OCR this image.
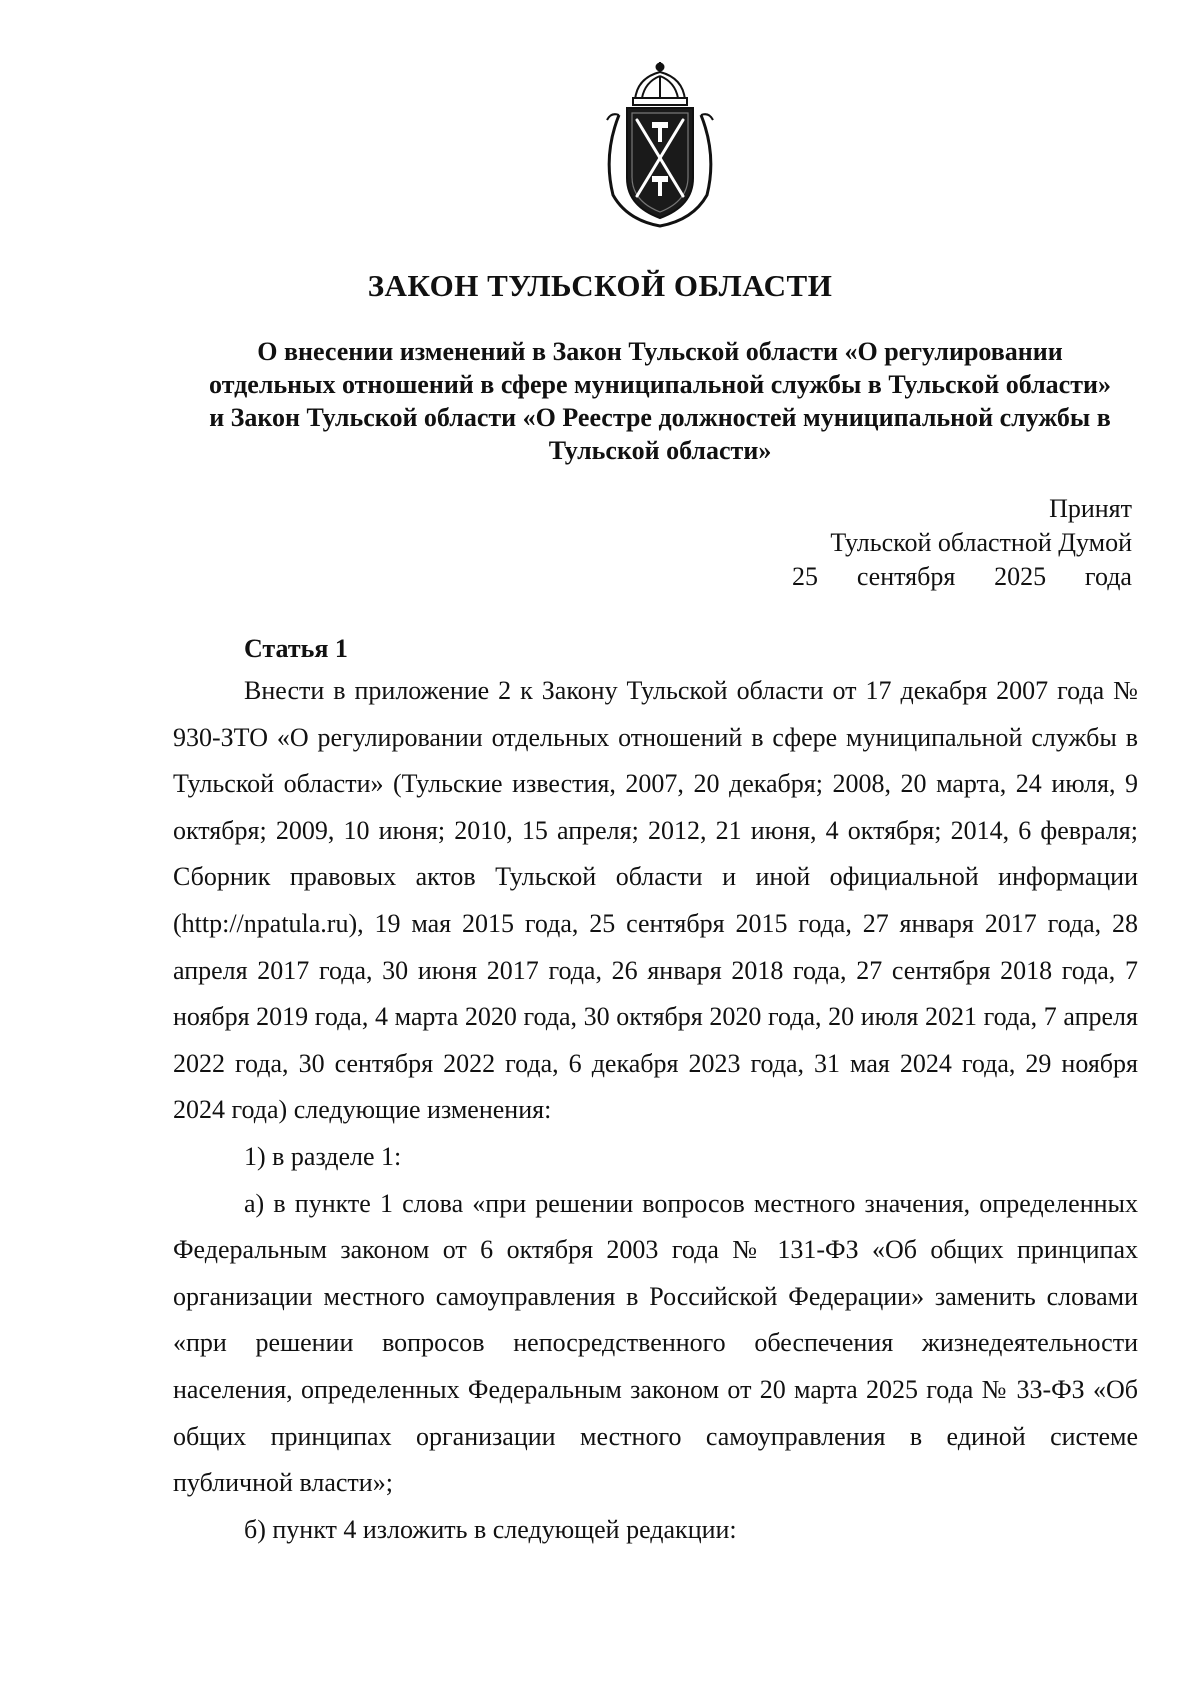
ЗАКОН ТУЛЬСКОЙ ОБЛАСТИ
О внесении изменений в Закон Тульской области «О регулировании отдельных отношений в сфере муниципальной службы в Тульской области» и Закон Тульской области «О Реестре должностей муниципальной службы в Тульской области»
Принят
Тульской областной Думой
25 сентября 2025 года
Статья 1

Внести в приложение 2 к Закону Тульской области от 17 декабря 2007 года № 930-ЗТО «О регулировании отдельных отношений в сфере муниципальной службы в Тульской области» (Тульские известия, 2007, 20 декабря; 2008, 20 марта, 24 июля, 9 октября; 2009, 10 июня; 2010, 15 апреля; 2012, 21 июня, 4 октября; 2014, 6 февраля; Сборник правовых актов Тульской области и иной официальной информации (http://npatula.ru), 19 мая 2015 года, 25 сентября 2015 года, 27 января 2017 года, 28 апреля 2017 года, 30 июня 2017 года, 26 января 2018 года, 27 сентября 2018 года, 7 ноября 2019 года, 4 марта 2020 года, 30 октября 2020 года, 20 июля 2021 года, 7 апреля 2022 года, 30 сентября 2022 года, 6 декабря 2023 года, 31 мая 2024 года, 29 ноября 2024 года) следующие изменения:

1) в разделе 1:

а) в пункте 1 слова «при решении вопросов местного значения, определенных Федеральным законом от 6 октября 2003 года № 131-ФЗ «Об общих принципах организации местного самоуправления в Российской Федерации» заменить словами «при решении вопросов непосредственного обеспечения жизнедеятельности населения, определенных Федеральным законом от 20 марта 2025 года № 33-ФЗ «Об общих принципах организации местного самоуправления в единой системе публичной власти»;

б) пункт 4 изложить в следующей редакции:
